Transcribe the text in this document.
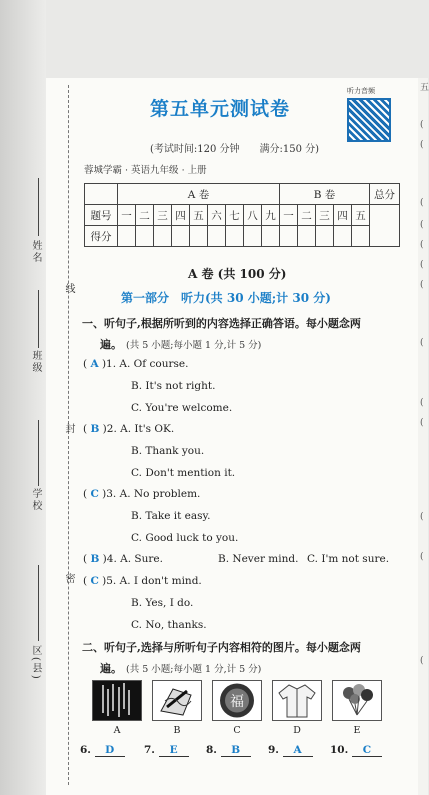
五
(
(
(
(
(
(
(
(
(
(
(
(
(
线
封
密
姓名
班级
学校
区(县)
第五单元测试卷
听力音频
(考试时间:120 分钟　　满分:150 分)
蓉城学霸 · 英语九年级 · 上册
	A 卷									B 卷					总分
题号	一	二	三	四	五	六	七	八	九	一	二	三	四	五	
得分															
A 卷 (共 100 分)
第一部分　听力(共 30 小题;计 30 分)
一、听句子,根据所听到的内容选择正确答语。每小题念两
遍。 (共 5 小题;每小题 1 分,计 5 分)
( A )1. A. Of course.
B. It's not right.
C. You're welcome.
( B )2. A. It's OK.
B. Thank you.
C. Don't mention it.
( C )3. A. No problem.
B. Take it easy.
C. Good luck to you.
( B )4. A. Sure.	B. Never mind. C. I'm not sure.
( C )5. A. I don't mind.
B. Yes, I do.
C. No, thanks.
二、听句子,选择与所听句子内容相符的图片。每小题念两
遍。 (共 5 小题;每小题 1 分,计 5 分)
福
A	B	C	D	E
6. D	7. E	8. B	9. A	10. C
